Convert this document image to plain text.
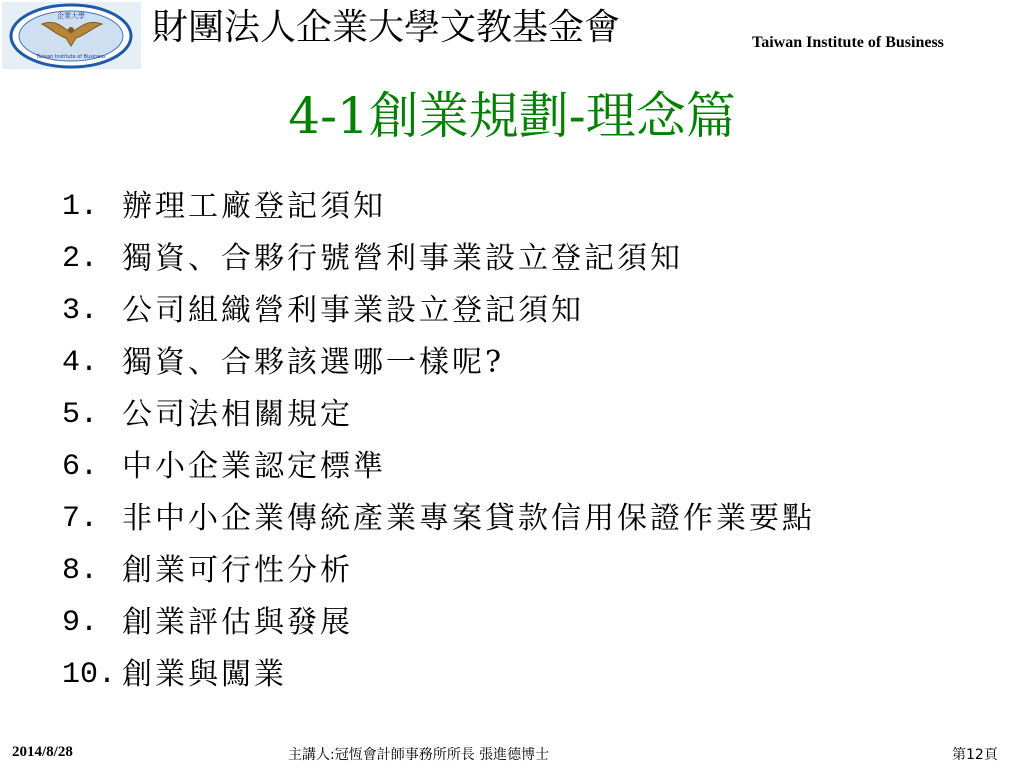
企業大學
Taiwan Institute of Business
財團法人企業大學文教基金會	Taiwan Institute of Business
4-1創業規劃-理念篇
1. 辦理工廠登記須知
2. 獨資、合夥行號營利事業設立登記須知
3. 公司組織營利事業設立登記須知
4. 獨資、合夥該選哪一樣呢?
5. 公司法相關規定
6. 中小企業認定標準
7. 非中小企業傳統產業專案貸款信用保證作業要點
8. 創業可行性分析
9. 創業評估與發展
10. 創業與闖業
2014/8/28	主講人:冠恆會計師事務所所長 張進德博士	第12頁
